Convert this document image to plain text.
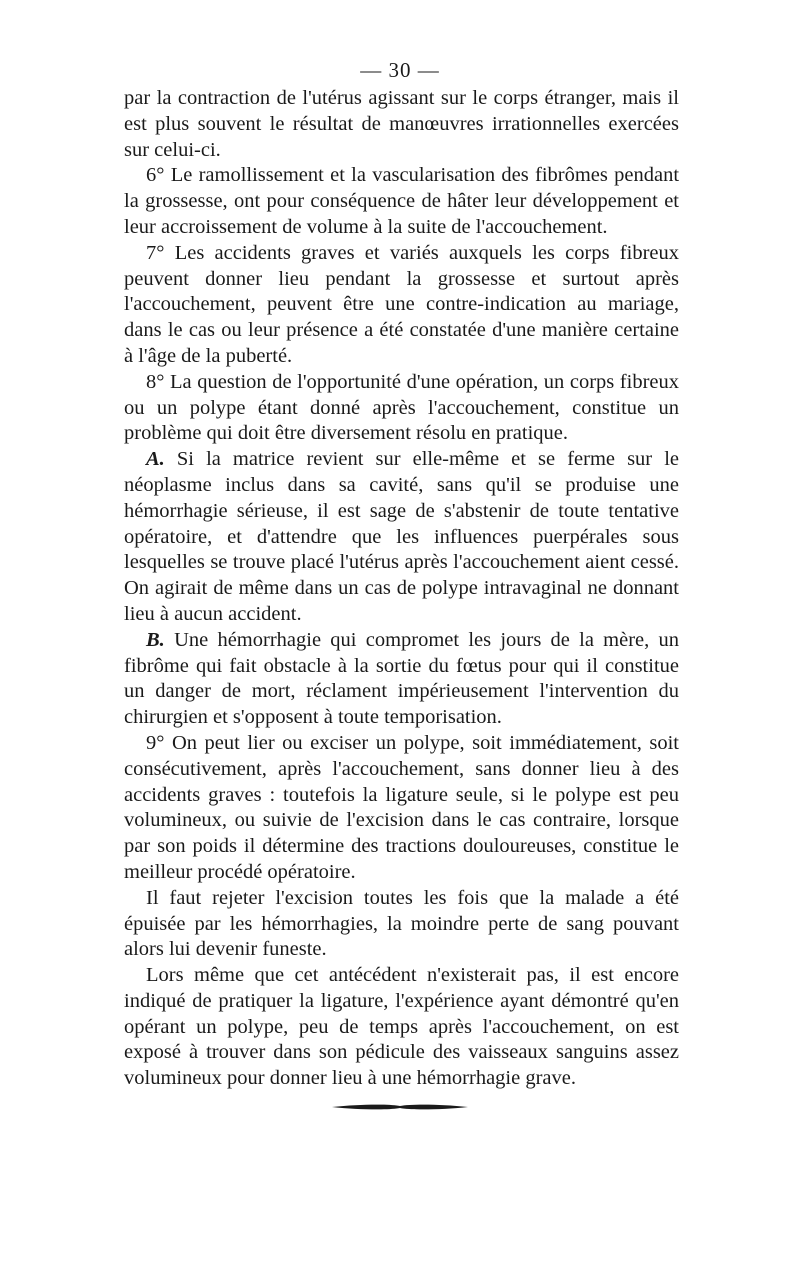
— 30 —

par la contraction de l'utérus agissant sur le corps étranger, mais il est plus souvent le résultat de manœuvres irrationnelles exercées sur celui-ci.

6° Le ramollissement et la vascularisation des fibrômes pendant la grossesse, ont pour conséquence de hâter leur développement et leur accroissement de volume à la suite de l'accouchement.

7° Les accidents graves et variés auxquels les corps fibreux peuvent donner lieu pendant la grossesse et surtout après l'accouchement, peuvent être une contre-indication au mariage, dans le cas ou leur présence a été constatée d'une manière certaine à l'âge de la puberté.

8° La question de l'opportunité d'une opération, un corps fibreux ou un polype étant donné après l'accouchement, constitue un problème qui doit être diversement résolu en pratique.

A. Si la matrice revient sur elle-même et se ferme sur le néoplasme inclus dans sa cavité, sans qu'il se produise une hémorrhagie sérieuse, il est sage de s'abstenir de toute tentative opératoire, et d'attendre que les influences puerpérales sous lesquelles se trouve placé l'utérus après l'accouchement aient cessé. On agirait de même dans un cas de polype intravaginal ne donnant lieu à aucun accident.

B. Une hémorrhagie qui compromet les jours de la mère, un fibrôme qui fait obstacle à la sortie du fœtus pour qui il constitue un danger de mort, réclament impérieusement l'intervention du chirurgien et s'opposent à toute temporisation.

9° On peut lier ou exciser un polype, soit immédiatement, soit consécutivement, après l'accouchement, sans donner lieu à des accidents graves : toutefois la ligature seule, si le polype est peu volumineux, ou suivie de l'excision dans le cas contraire, lorsque par son poids il détermine des tractions douloureuses, constitue le meilleur procédé opératoire.

Il faut rejeter l'excision toutes les fois que la malade a été épuisée par les hémorrhagies, la moindre perte de sang pouvant alors lui devenir funeste.

Lors même que cet antécédent n'existerait pas, il est encore indiqué de pratiquer la ligature, l'expérience ayant démontré qu'en opérant un polype, peu de temps après l'accouchement, on est exposé à trouver dans son pédicule des vaisseaux sanguins assez volumineux pour donner lieu à une hémorrhagie grave.
